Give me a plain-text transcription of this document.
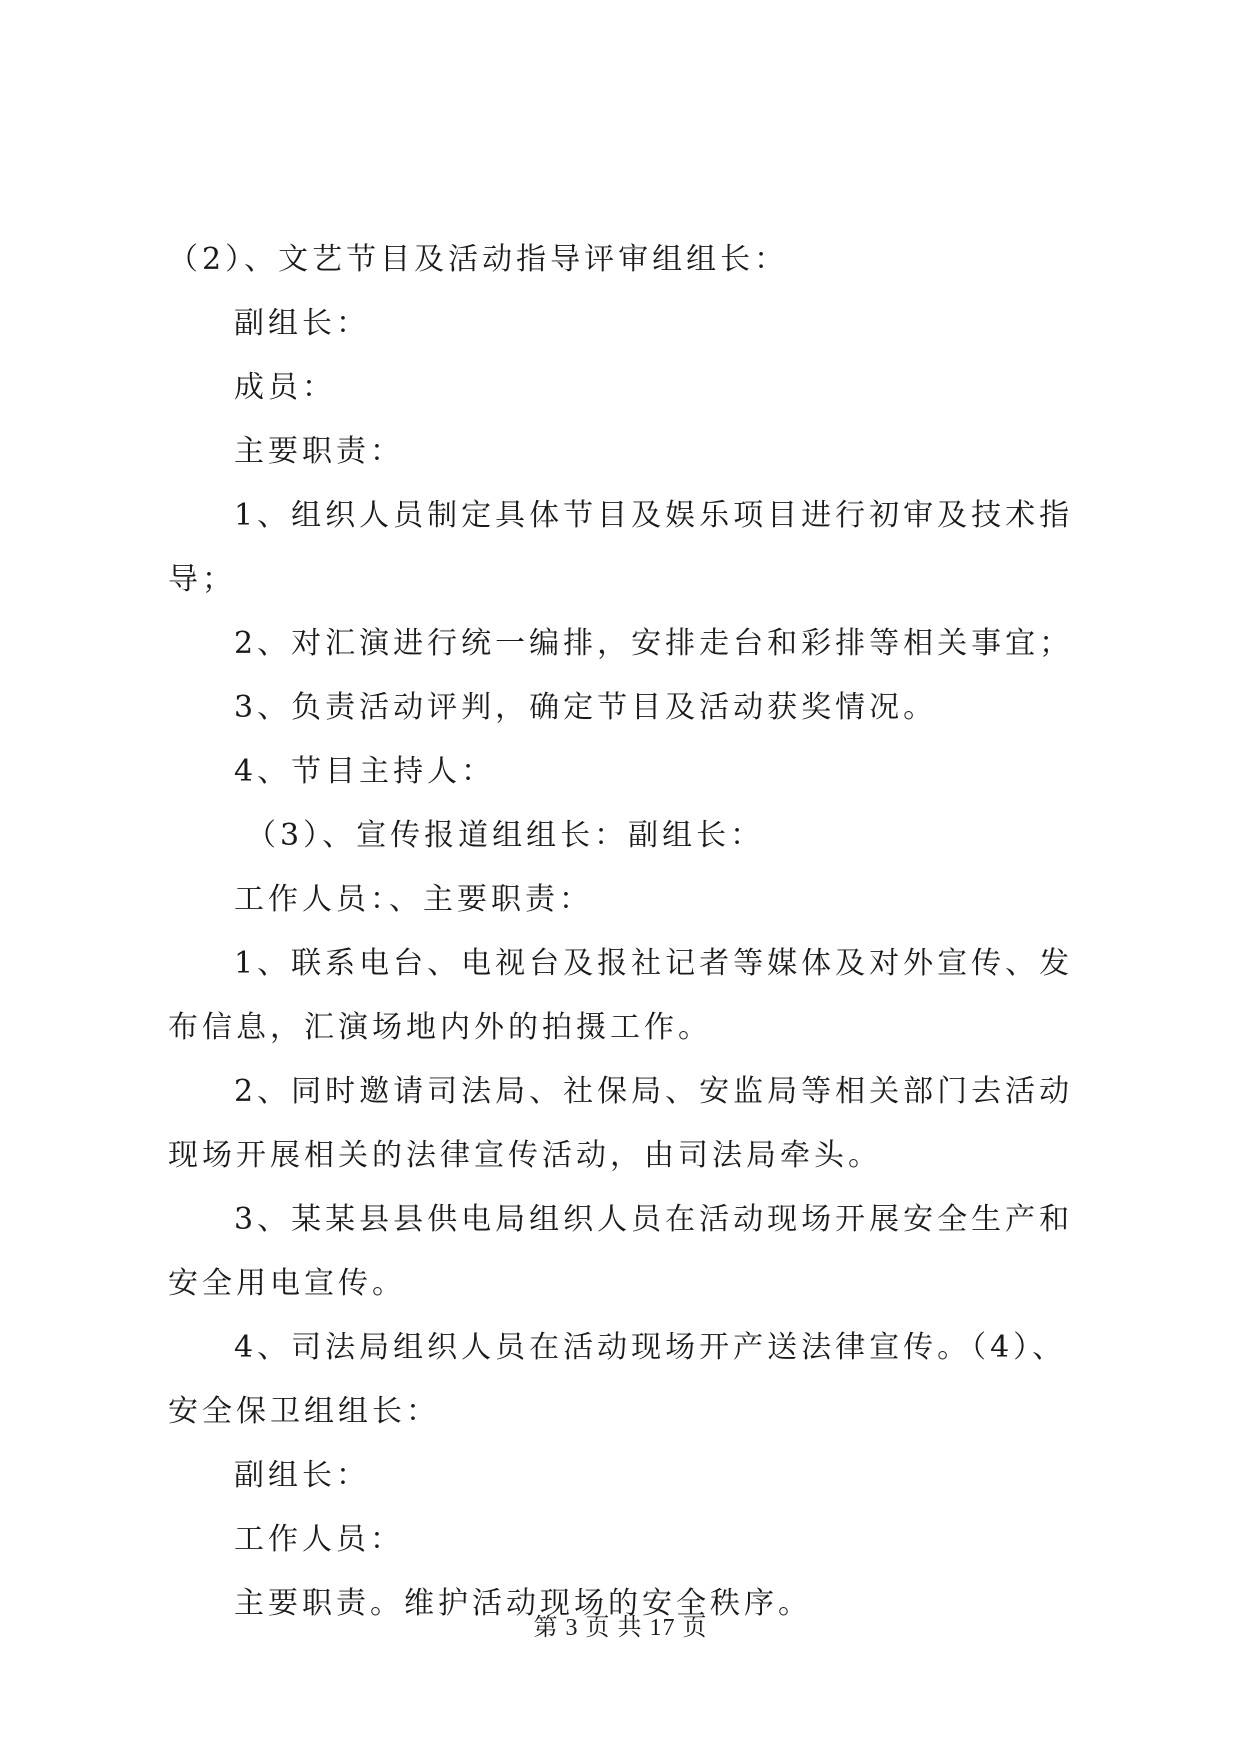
（2）、文艺节目及活动指导评审组组长：

副组长：

成员：

主要职责：

1、组织人员制定具体节目及娱乐项目进行初审及技术指导；

2、对汇演进行统一编排，安排走台和彩排等相关事宜；

3、负责活动评判，确定节目及活动获奖情况。

4、节目主持人：

（3）、宣传报道组组长：副组长：

工作人员：、主要职责：

1、联系电台、电视台及报社记者等媒体及对外宣传、发布信息，汇演场地内外的拍摄工作。

2、同时邀请司法局、社保局、安监局等相关部门去活动现场开展相关的法律宣传活动，由司法局牵头。

3、某某县县供电局组织人员在活动现场开展安全生产和安全用电宣传。

4、司法局组织人员在活动现场开产送法律宣传。（4）、安全保卫组组长：

副组长：

工作人员：

主要职责。维护活动现场的安全秩序。

第 3 页 共 17 页
